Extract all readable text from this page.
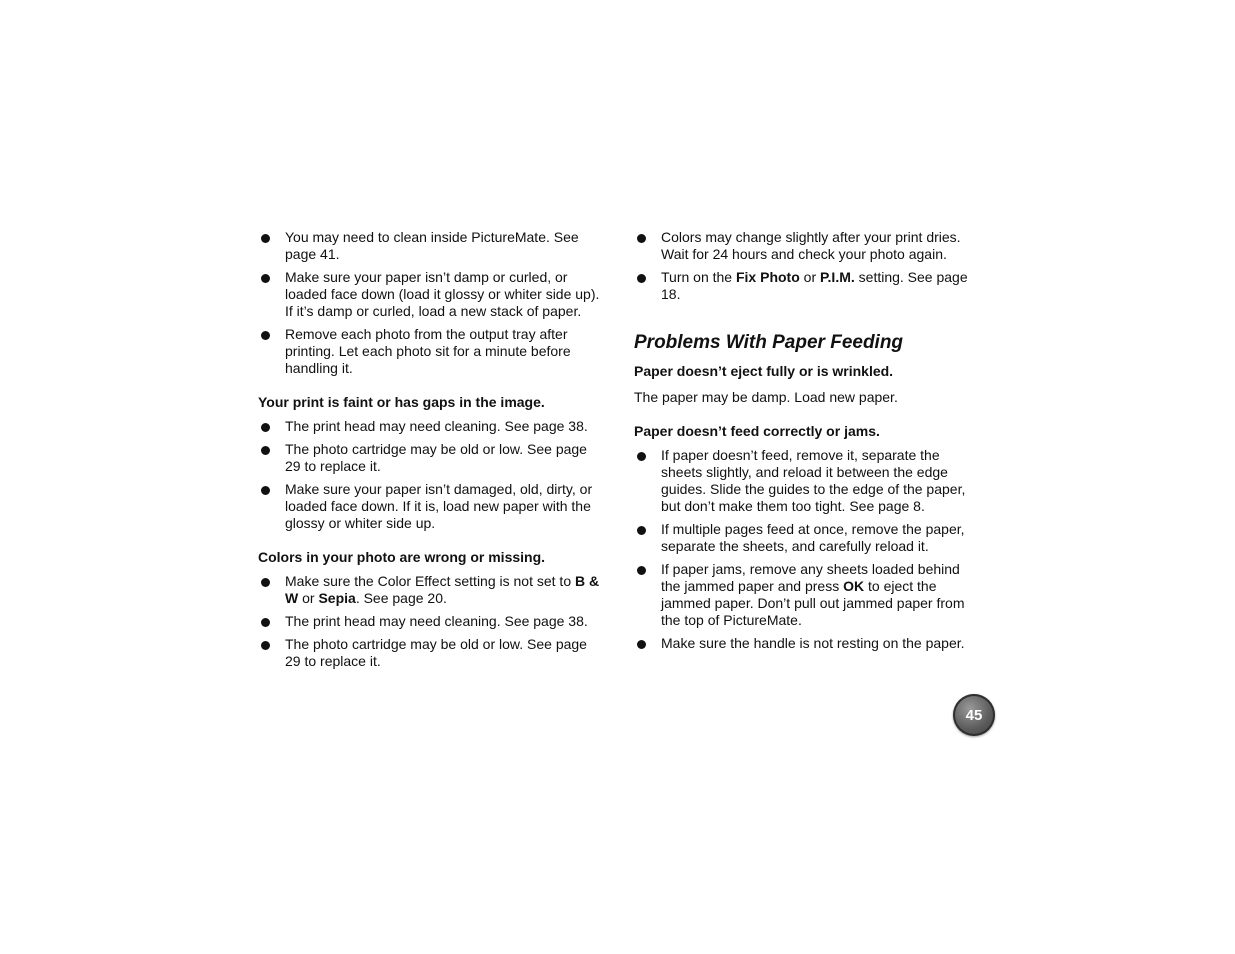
You may need to clean inside PictureMate. See page 41.
Make sure your paper isn’t damp or curled, or loaded face down (load it glossy or whiter side up). If it’s damp or curled, load a new stack of paper.
Remove each photo from the output tray after printing. Let each photo sit for a minute before handling it.
Your print is faint or has gaps in the image.
The print head may need cleaning. See page 38.
The photo cartridge may be old or low. See page 29 to replace it.
Make sure your paper isn’t damaged, old, dirty, or loaded face down. If it is, load new paper with the glossy or whiter side up.
Colors in your photo are wrong or missing.
Make sure the Color Effect setting is not set to B & W or Sepia. See page 20.
The print head may need cleaning. See page 38.
The photo cartridge may be old or low. See page 29 to replace it.
Colors may change slightly after your print dries. Wait for 24 hours and check your photo again.
Turn on the Fix Photo or P.I.M. setting. See page 18.
Problems With Paper Feeding
Paper doesn’t eject fully or is wrinkled.
The paper may be damp. Load new paper.
Paper doesn’t feed correctly or jams.
If paper doesn’t feed, remove it, separate the sheets slightly, and reload it between the edge guides. Slide the guides to the edge of the paper, but don’t make them too tight. See page 8.
If multiple pages feed at once, remove the paper, separate the sheets, and carefully reload it.
If paper jams, remove any sheets loaded behind the jammed paper and press OK to eject the jammed paper. Don’t pull out jammed paper from the top of PictureMate.
Make sure the handle is not resting on the paper.
45
